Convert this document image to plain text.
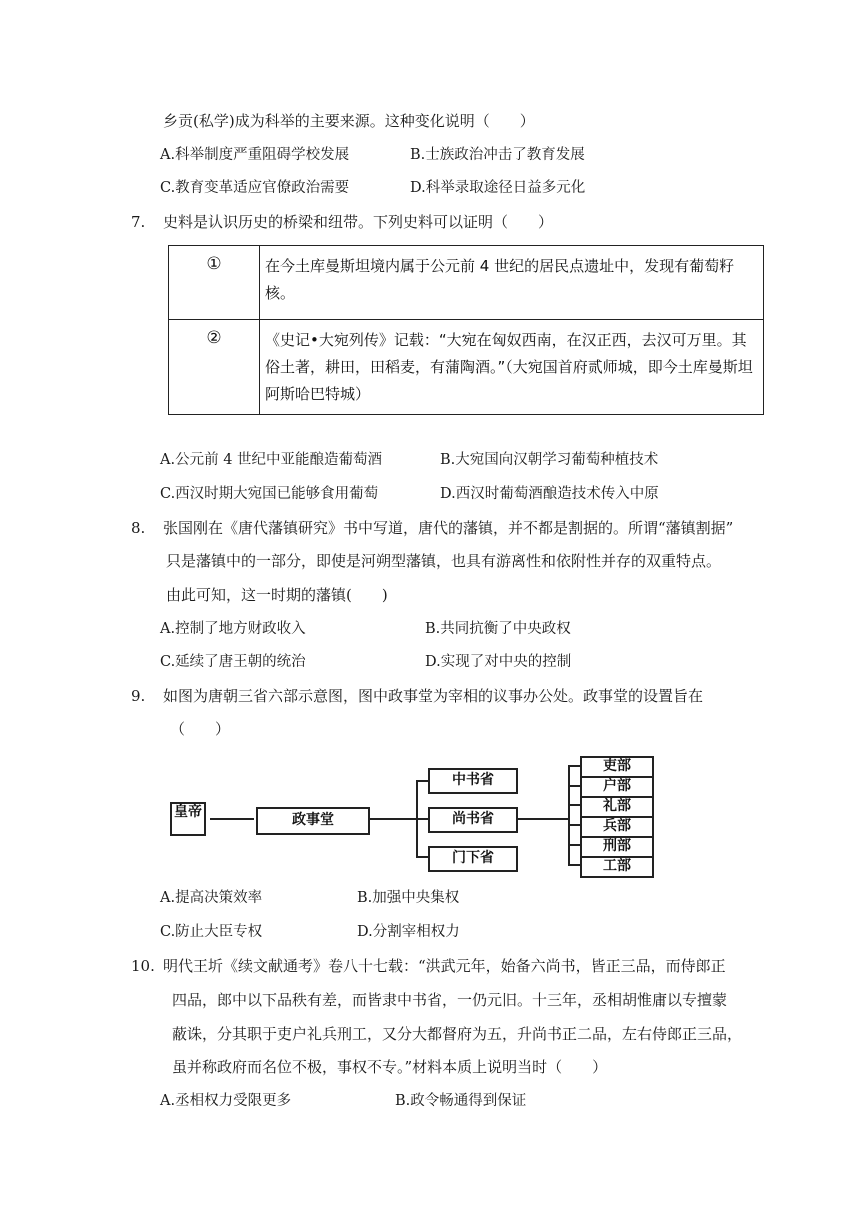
乡贡(私学)成为科举的主要来源。这种变化说明（　　）
A.科举制度严重阻碍学校发展	B.士族政治冲击了教育发展
C.教育变革适应官僚政治需要	D.科举录取途径日益多元化
7. 史料是认识历史的桥梁和纽带。下列史料可以证明（　　）
①	在今土库曼斯坦境内属于公元前 4 世纪的居民点遗址中，发现有葡萄籽核。
②	《史记•大宛列传》记载：“大宛在匈奴西南，在汉正西，去汉可万里。其俗土著，耕田，田稻麦，有蒲陶酒。”（大宛国首府贰师城，即今土库曼斯坦阿斯哈巴特城）
A.公元前 4 世纪中亚能酿造葡萄酒	B.大宛国向汉朝学习葡萄种植技术
C.西汉时期大宛国已能够食用葡萄	D.西汉时葡萄酒酿造技术传入中原
8. 张国刚在《唐代藩镇研究》书中写道，唐代的藩镇，并不都是割据的。所谓“藩镇割据”
只是藩镇中的一部分，即使是河朔型藩镇，也具有游离性和依附性并存的双重特点。
由此可知，这一时期的藩镇(　　)
A.控制了地方财政收入	B.共同抗衡了中央政权
C.延续了唐王朝的统治	D.实现了对中央的控制
9. 如图为唐朝三省六部示意图，图中政事堂为宰相的议事办公处。政事堂的设置旨在
（　　）
皇帝	政事堂
中书省
尚书省
门下省
吏部
户部
礼部
兵部
刑部
工部
A.提高决策效率	B.加强中央集权
C.防止大臣专权	D.分割宰相权力
10. 明代王圻《续文献通考》卷八十七载：“洪武元年，始备六尚书，皆正三品，而侍郎正
四品，郎中以下品秩有差，而皆隶中书省，一仍元旧。十三年，丞相胡惟庸以专擅蒙
蔽诛，分其职于吏户礼兵刑工，又分大都督府为五，升尚书正二品，左右侍郎正三品，
虽并称政府而名位不极，事权不专。”材料本质上说明当时（　　）
A.丞相权力受限更多	B.政令畅通得到保证
